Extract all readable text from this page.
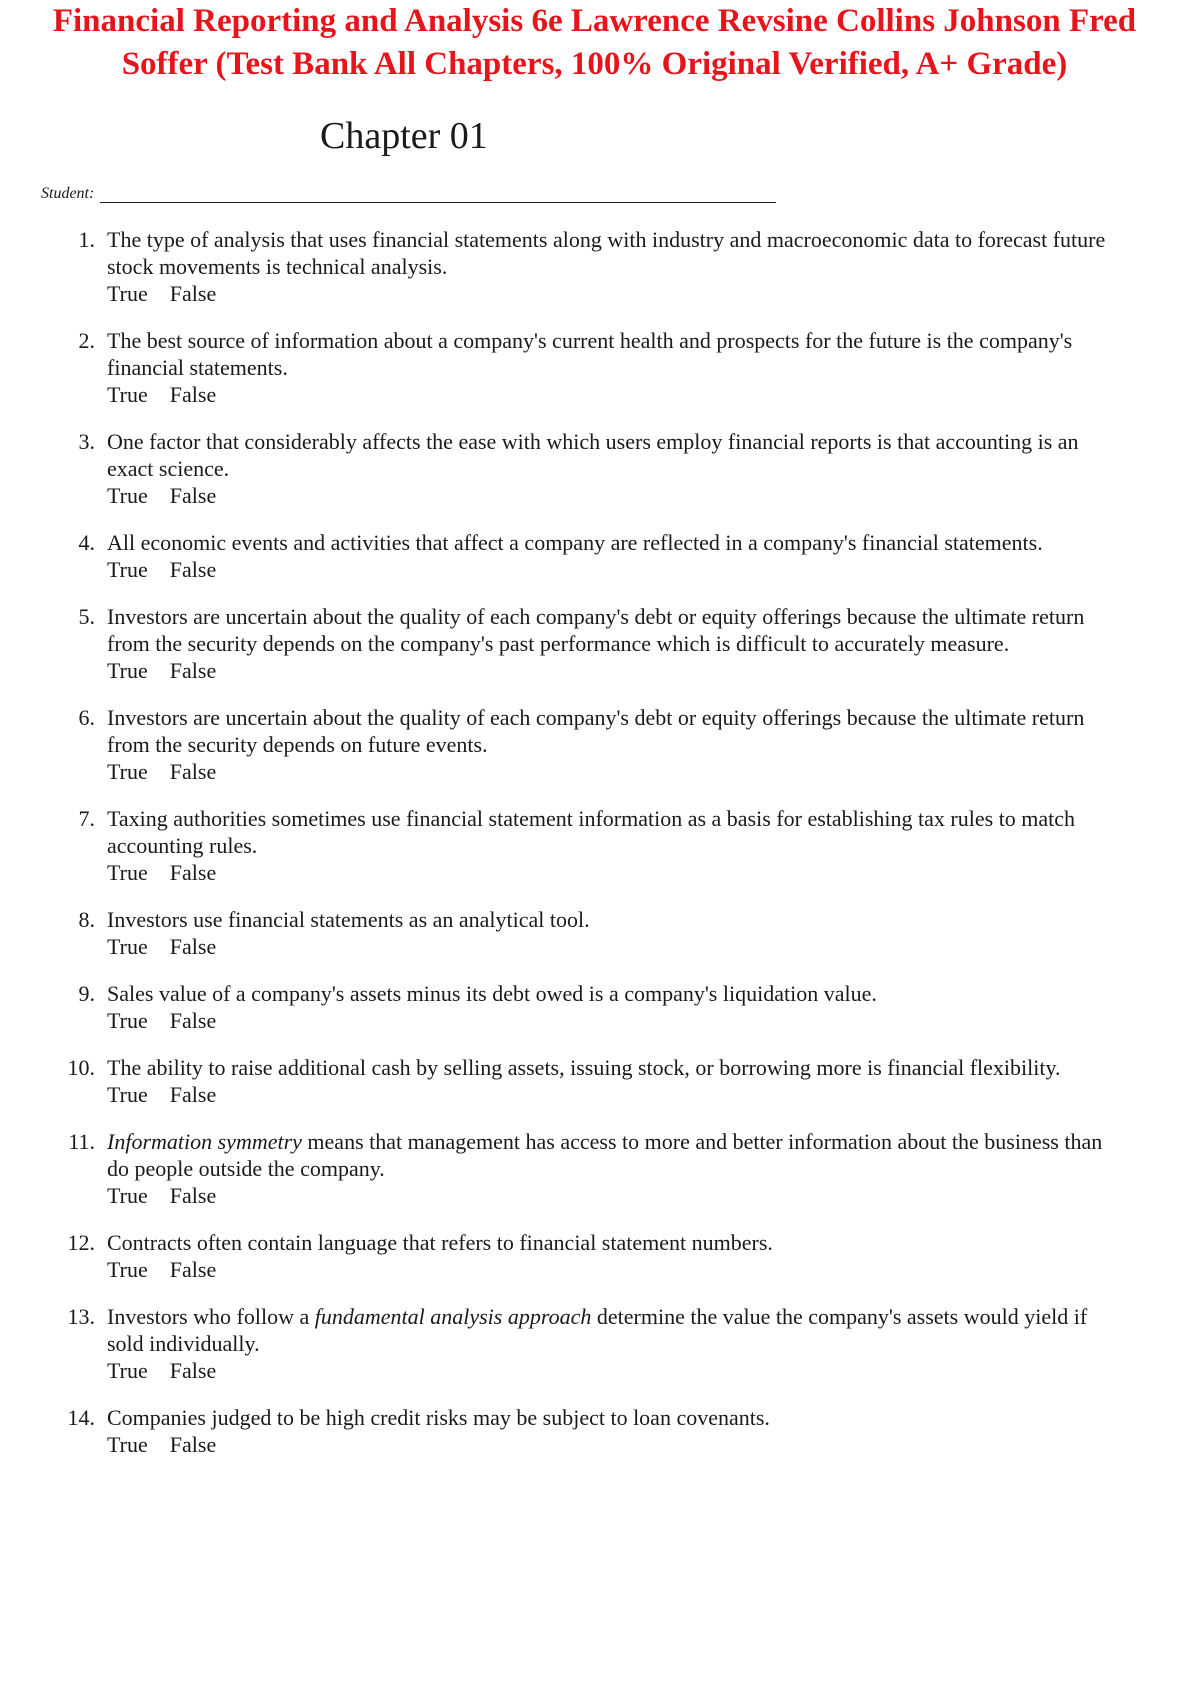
Financial Reporting and Analysis 6e Lawrence Revsine Collins Johnson Fred Soffer (Test Bank All Chapters, 100% Original Verified, A+ Grade)
Chapter 01
Student:
1. The type of analysis that uses financial statements along with industry and macroeconomic data to forecast future stock movements is technical analysis.
True False
2. The best source of information about a company's current health and prospects for the future is the company's financial statements.
True False
3. One factor that considerably affects the ease with which users employ financial reports is that accounting is an exact science.
True False
4. All economic events and activities that affect a company are reflected in a company's financial statements.
True False
5. Investors are uncertain about the quality of each company's debt or equity offerings because the ultimate return from the security depends on the company's past performance which is difficult to accurately measure.
True False
6. Investors are uncertain about the quality of each company's debt or equity offerings because the ultimate return from the security depends on future events.
True False
7. Taxing authorities sometimes use financial statement information as a basis for establishing tax rules to match accounting rules.
True False
8. Investors use financial statements as an analytical tool.
True False
9. Sales value of a company's assets minus its debt owed is a company's liquidation value.
True False
10. The ability to raise additional cash by selling assets, issuing stock, or borrowing more is financial flexibility.
True False
11. Information symmetry means that management has access to more and better information about the business than do people outside the company.
True False
12. Contracts often contain language that refers to financial statement numbers.
True False
13. Investors who follow a fundamental analysis approach determine the value the company's assets would yield if sold individually.
True False
14. Companies judged to be high credit risks may be subject to loan covenants.
True False
